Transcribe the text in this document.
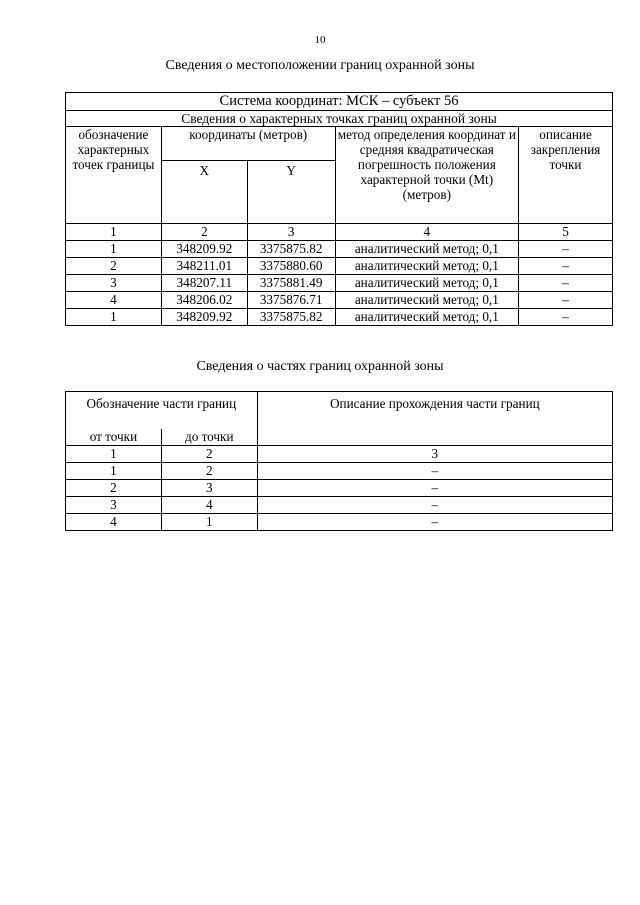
10
Сведения о местоположении границ охранной зоны
Система координат: МСК – субъект 56				
Сведения о характерных точках границ охранной зоны				
обозначение характерных точек границы	координаты (метров)		метод определения координат и средняя квадратическая погрешность положения характерной точки (Mt) (метров)	описание закрепления точки
	X	Y		
1	2	3	4	5
1	348209.92	3375875.82	аналитический метод; 0,1	–
2	348211.01	3375880.60	аналитический метод; 0,1	–
3	348207.11	3375881.49	аналитический метод; 0,1	–
4	348206.02	3375876.71	аналитический метод; 0,1	–
1	348209.92	3375875.82	аналитический метод; 0,1	–
Сведения о частях границ охранной зоны
Обозначение части границ		Описание прохождения части границ
от точки	до точки	
1	2	3
1	2	–
2	3	–
3	4	–
4	1	–
